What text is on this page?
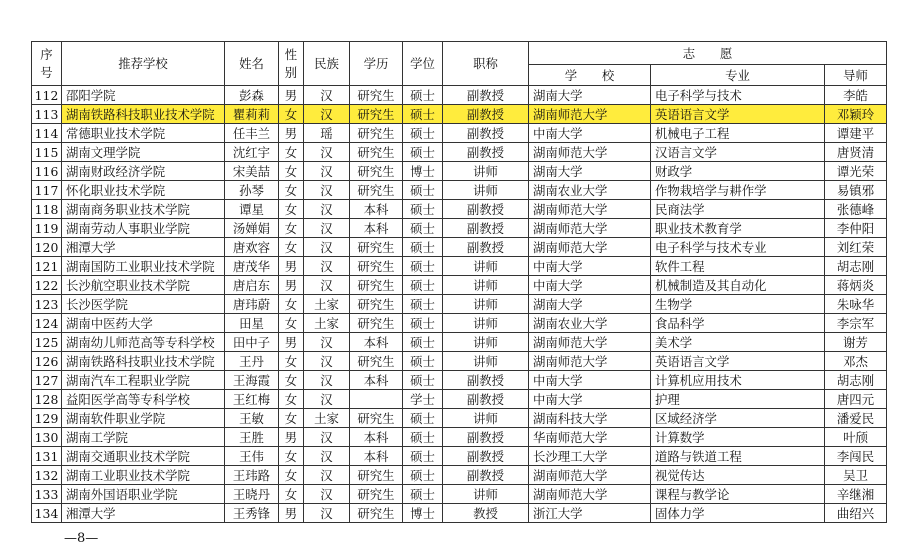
序号	推荐学校	姓名	性别	民族	学历	学位	职称	志　　愿		
								学　　校	专业	导师
112	邵阳学院	彭森	男	汉	研究生	硕士	副教授	湖南大学	电子科学与技术	李皓
113	湖南铁路科技职业技术学院	瞿莉莉	女	汉	研究生	硕士	副教授	湖南师范大学	英语语言文学	邓颖玲
114	常德职业技术学院	任丰兰	男	瑶	研究生	硕士	副教授	中南大学	机械电子工程	谭建平
115	湖南文理学院	沈红宇	女	汉	研究生	硕士	副教授	湖南师范大学	汉语言文学	唐贤清
116	湖南财政经济学院	宋美喆	女	汉	研究生	博士	讲师	湖南大学	财政学	谭光荣
117	怀化职业技术学院	孙琴	女	汉	研究生	硕士	讲师	湖南农业大学	作物栽培学与耕作学	易镇邪
118	湖南商务职业技术学院	谭星	女	汉	本科	硕士	副教授	湖南师范大学	民商法学	张德峰
119	湖南劳动人事职业学院	汤婵娟	女	汉	本科	硕士	副教授	湖南师范大学	职业技术教育学	李仲阳
120	湘潭大学	唐欢容	女	汉	研究生	硕士	副教授	湖南师范大学	电子科学与技术专业	刘红荣
121	湖南国防工业职业技术学院	唐茂华	男	汉	研究生	硕士	讲师	中南大学	软件工程	胡志刚
122	长沙航空职业技术学院	唐启东	男	汉	研究生	硕士	讲师	中南大学	机械制造及其自动化	蒋炳炎
123	长沙医学院	唐玮蔚	女	土家	研究生	硕士	讲师	湖南大学	生物学	朱咏华
124	湖南中医药大学	田星	女	土家	研究生	硕士	讲师	湖南农业大学	食品科学	李宗军
125	湖南幼儿师范高等专科学校	田中子	男	汉	本科	硕士	讲师	湖南师范大学	美术学	谢芳
126	湖南铁路科技职业技术学院	王丹	女	汉	研究生	硕士	讲师	湖南师范大学	英语语言文学	邓杰
127	湖南汽车工程职业学院	王海霞	女	汉	本科	硕士	副教授	中南大学	计算机应用技术	胡志刚
128	益阳医学高等专科学校	王红梅	女	汉		学士	副教授	中南大学	护理	唐四元
129	湖南软件职业学院	王敏	女	土家	研究生	硕士	讲师	湖南科技大学	区域经济学	潘爱民
130	湖南工学院	王胜	男	汉	本科	硕士	副教授	华南师范大学	计算数学	叶颀
131	湖南交通职业技术学院	王伟	女	汉	本科	硕士	副教授	长沙理工大学	道路与铁道工程	李闯民
132	湖南工业职业技术学院	王玮路	女	汉	研究生	硕士	副教授	湖南师范大学	视觉传达	吴卫
133	湖南外国语职业学院	王晓丹	女	汉	研究生	硕士	讲师	湖南师范大学	课程与教学论	辛继湘
134	湘潭大学	王秀锋	男	汉	研究生	博士	教授	浙江大学	固体力学	曲绍兴
—8—
